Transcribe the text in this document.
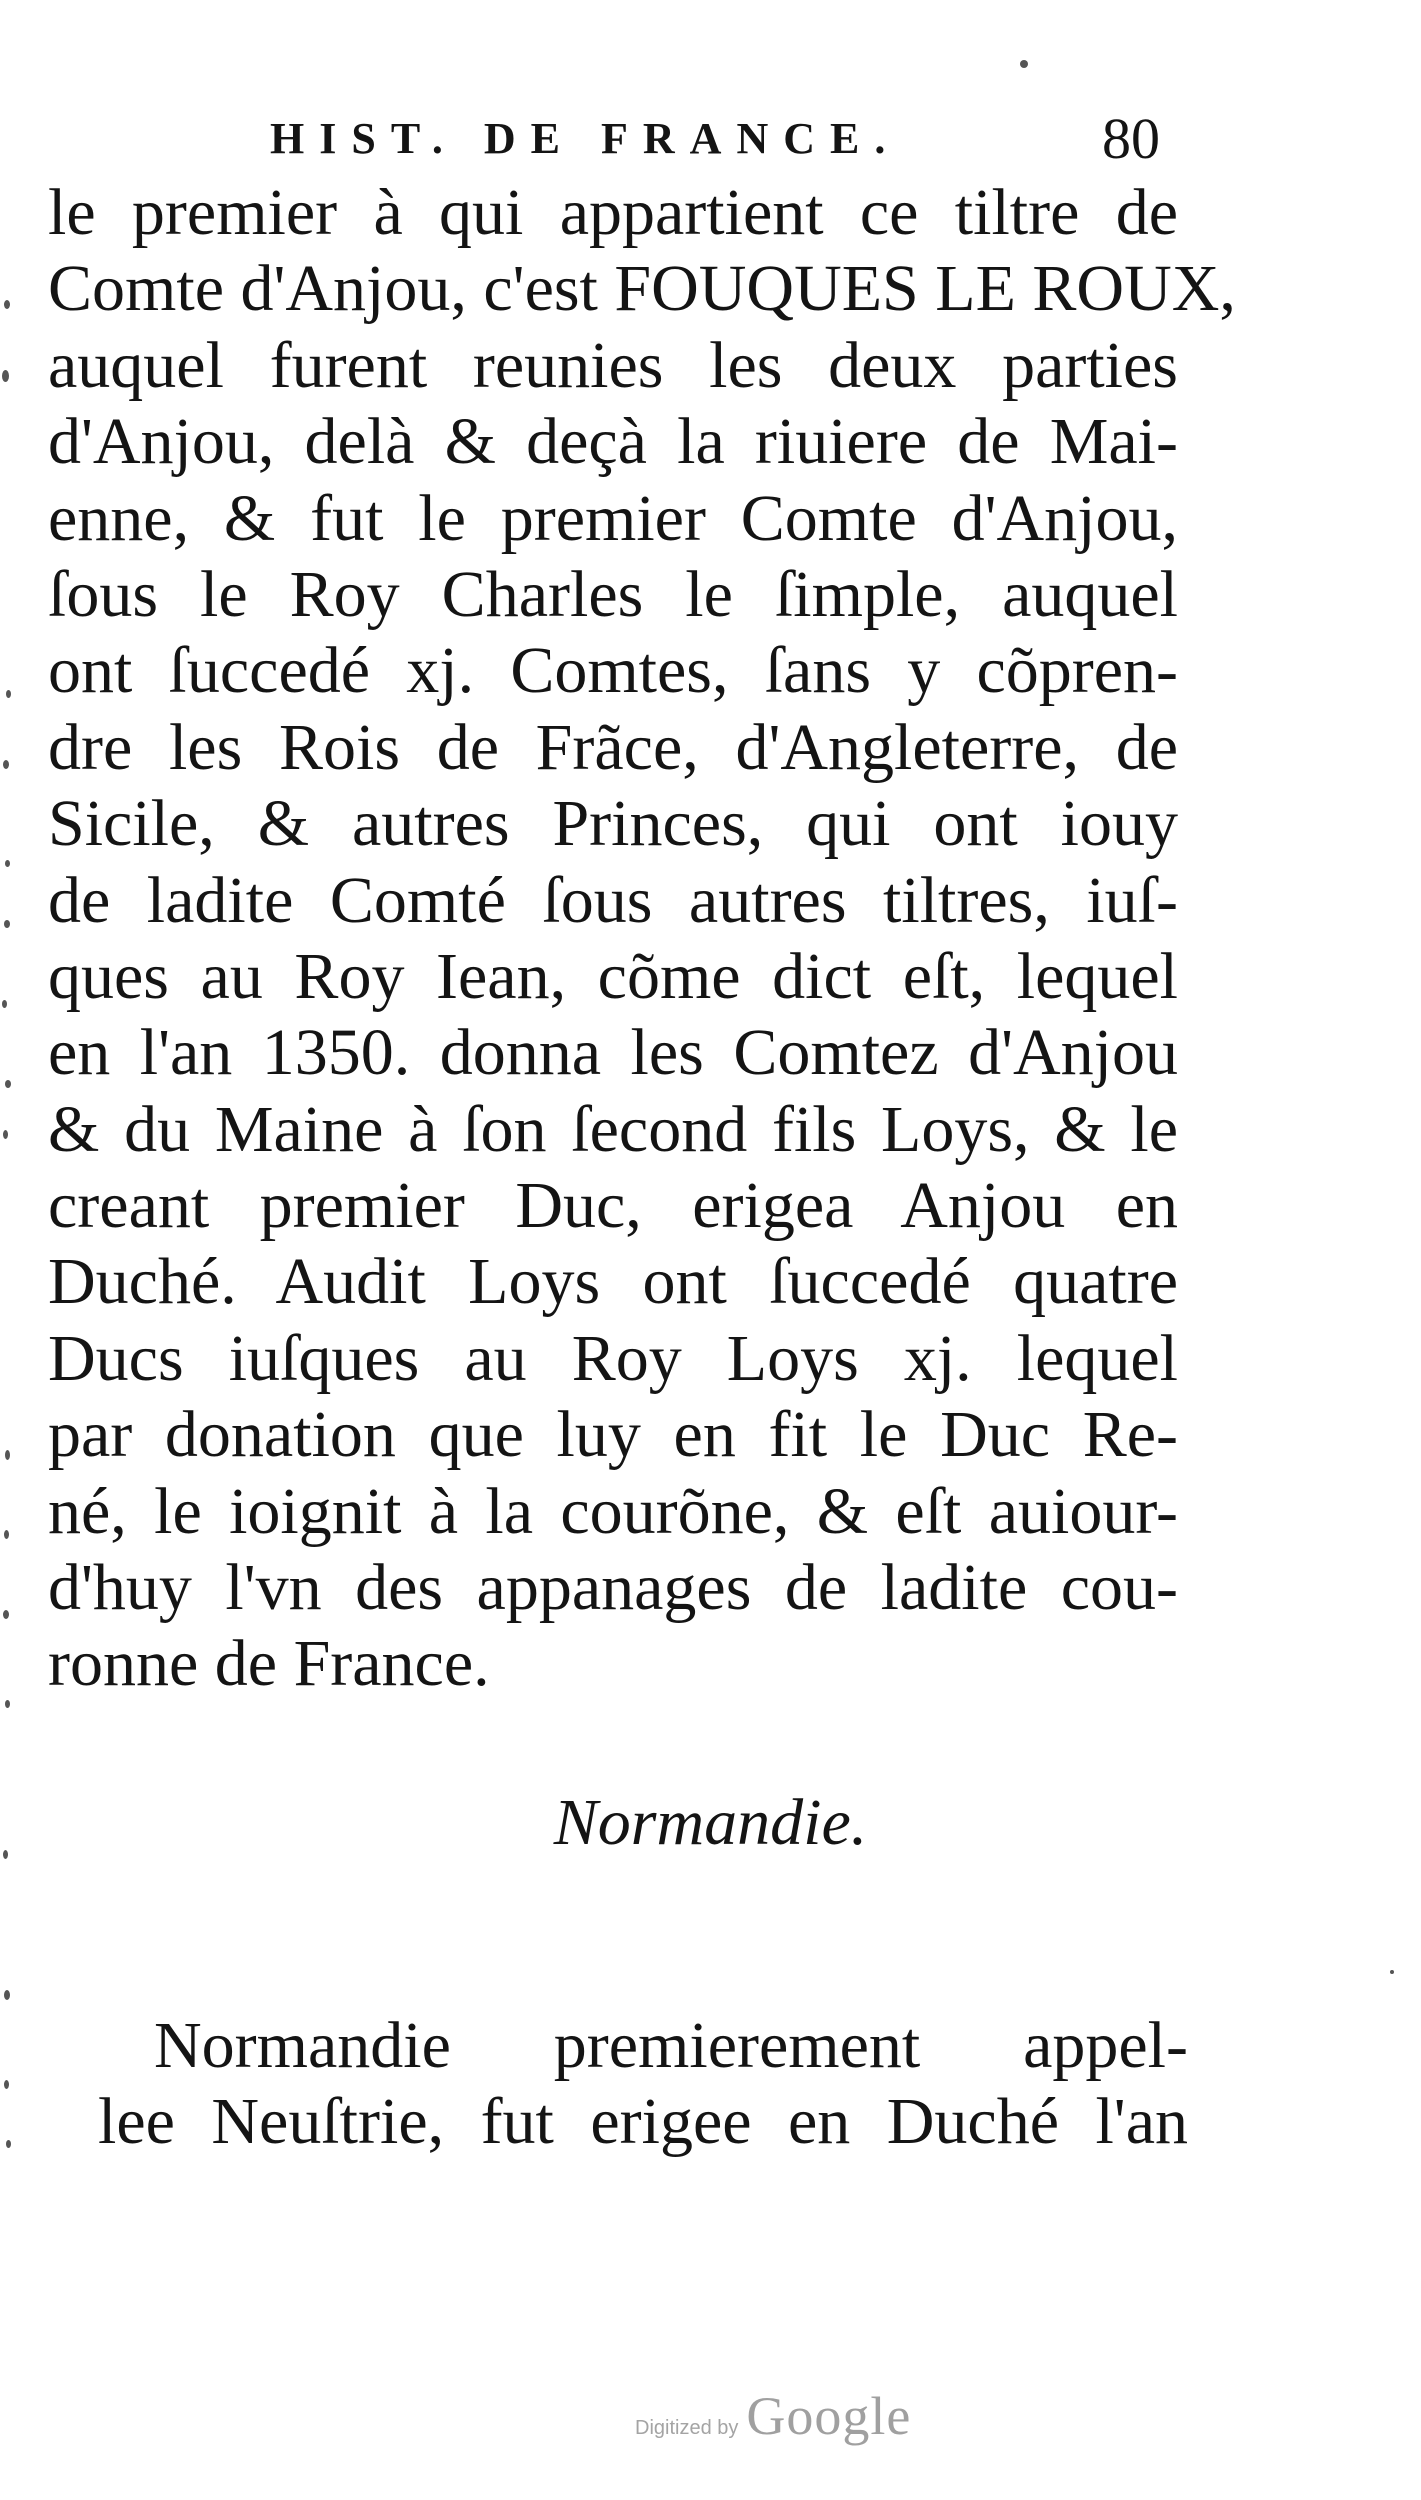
HIST. DE FRANCE.	80
le premier à qui appartient ce tiltre de
Comte d'Anjou, c'est FOUQUES LE ROUX,
auquel furent reunies les deux parties
d'Anjou, delà & deçà la riuiere de Mai-
enne, & fut le premier Comte d'Anjou,
ſous le Roy Charles le ſimple, auquel
ont ſuccedé xj. Comtes, ſans y cõpren-
dre les Rois de Frãce, d'Angleterre, de
Sicile, & autres Princes, qui ont iouy
de ladite Comté ſous autres tiltres, iuſ-
ques au Roy Iean, cõme dict eſt, lequel
en l'an 1350. donna les Comtez d'Anjou
& du Maine à ſon ſecond fils Loys, & le
creant premier Duc, erigea Anjou en
Duché. Audit Loys ont ſuccedé quatre
Ducs iuſques au Roy Loys xj. lequel
par donation que luy en fit le Duc Re-
né, le ioignit à la courõne, & eſt auiour-
d'huy l'vn des appanages de ladite cou-
ronne de France.
Normandie.
Normandie premierement appel-
lee Neuſtrie, fut erigee en Duché l'an
Digitized by Google
